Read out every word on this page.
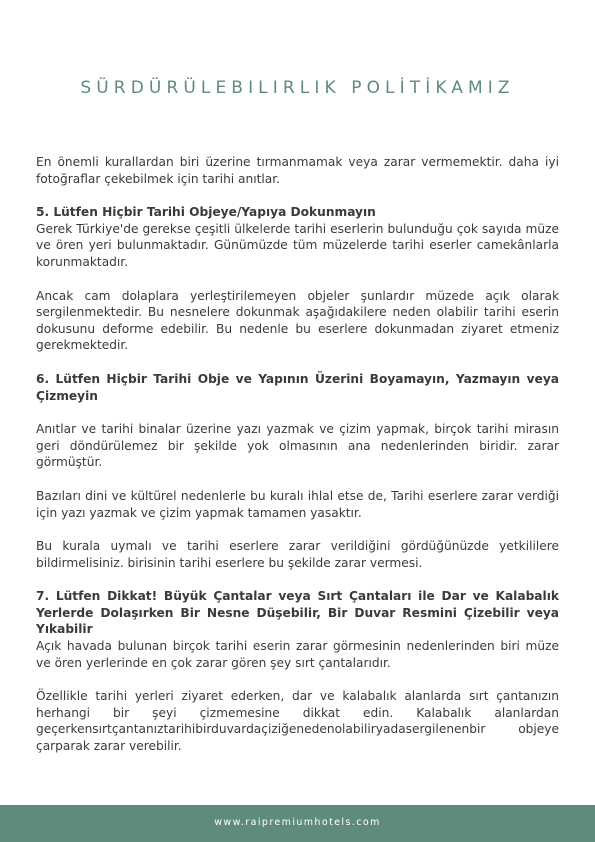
SÜRDÜRÜLEBILIRLIK POLİTİKAMIZ

En önemli kurallardan biri üzerine tırmanmamak veya zarar vermemektir. daha iyi fotoğraflar çekebilmek için tarihi anıtlar.

5. Lütfen Hiçbir Tarihi Objeye/Yapıya Dokunmayın

Gerek Türkiye'de gerekse çeşitli ülkelerde tarihi eserlerin bulunduğu çok sayıda müze ve ören yeri bulunmaktadır. Günümüzde tüm müzelerde tarihi eserler camekânlarla korunmaktadır.

Ancak cam dolaplara yerleştirilemeyen objeler şunlardır müzede açık olarak sergilenmektedir. Bu nesnelere dokunmak aşağıdakilere neden olabilir tarihi eserin dokusunu deforme edebilir. Bu nedenle bu eserlere dokunmadan ziyaret etmeniz gerekmektedir.

6. Lütfen Hiçbir Tarihi Obje ve Yapının Üzerini Boyamayın, Yazmayın veya Çizmeyin

Anıtlar ve tarihi binalar üzerine yazı yazmak ve çizim yapmak, birçok tarihi mirasın geri döndürülemez bir şekilde yok olmasının ana nedenlerinden biridir. zarar görmüştür.

Bazıları dini ve kültürel nedenlerle bu kuralı ihlal etse de, Tarihi eserlere zarar verdiği için yazı yazmak ve çizim yapmak tamamen yasaktır.

Bu kurala uymalı ve tarihi eserlere zarar verildiğini gördüğünüzde yetkililere bildirmelisiniz. birisinin tarihi eserlere bu şekilde zarar vermesi.

7. Lütfen Dikkat! Büyük Çantalar veya Sırt Çantaları ile Dar ve Kalabalık Yerlerde Dolaşırken Bir Nesne Düşebilir, Bir Duvar Resmini Çizebilir veya Yıkabilir

Açık havada bulunan birçok tarihi eserin zarar görmesinin nedenlerinden biri müze ve ören yerlerinde en çok zarar gören şey sırt çantalarıdır.

Özellikle tarihi yerleri ziyaret ederken, dar ve kalabalık alanlarda sırt çantanızın herhangi bir şeyi çizmemesine dikkat edin. Kalabalık alanlardan geçerkensırtçantanıztarihibirduvardaçiziğenedenolabiliryadasergilenenbir objeye çarparak zarar verebilir.

www.raipremiumhotels.com
